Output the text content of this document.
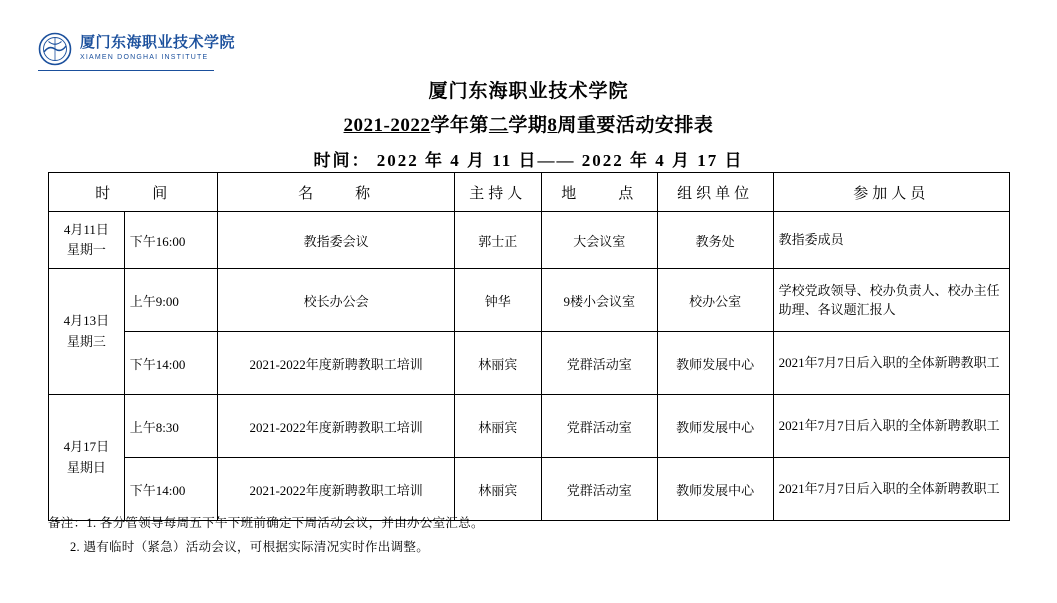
厦门东海职业技术学院
XIAMEN DONGHAI INSTITUTE
厦门东海职业技术学院
2021-2022学年第二学期8周重要活动安排表
时间： 2022 年 4 月 11 日—— 2022 年 4 月 17 日
时　　间		名　　称	主持人	地　　点	组织单位	参加人员

4月11日
星期一	下午16:00	教指委会议	郭士正	大会议室	教务处	教指委成员

4月13日
星期三	上午9:00	校长办公会	钟华	9楼小会议室	校办公室	学校党政领导、校办负责人、校办主任助理、各议题汇报人
	下午14:00	2021-2022年度新聘教职工培训	林丽宾	党群活动室	教师发展中心	2021年7月7日后入职的全体新聘教职工

4月17日
星期日	上午8:30	2021-2022年度新聘教职工培训	林丽宾	党群活动室	教师发展中心	2021年7月7日后入职的全体新聘教职工
	下午14:00	2021-2022年度新聘教职工培训	林丽宾	党群活动室	教师发展中心	2021年7月7日后入职的全体新聘教职工
备注：1. 各分管领导每周五下午下班前确定下周活动会议，并由办公室汇总。
2. 遇有临时（紧急）活动会议，可根据实际清况实时作出调整。
